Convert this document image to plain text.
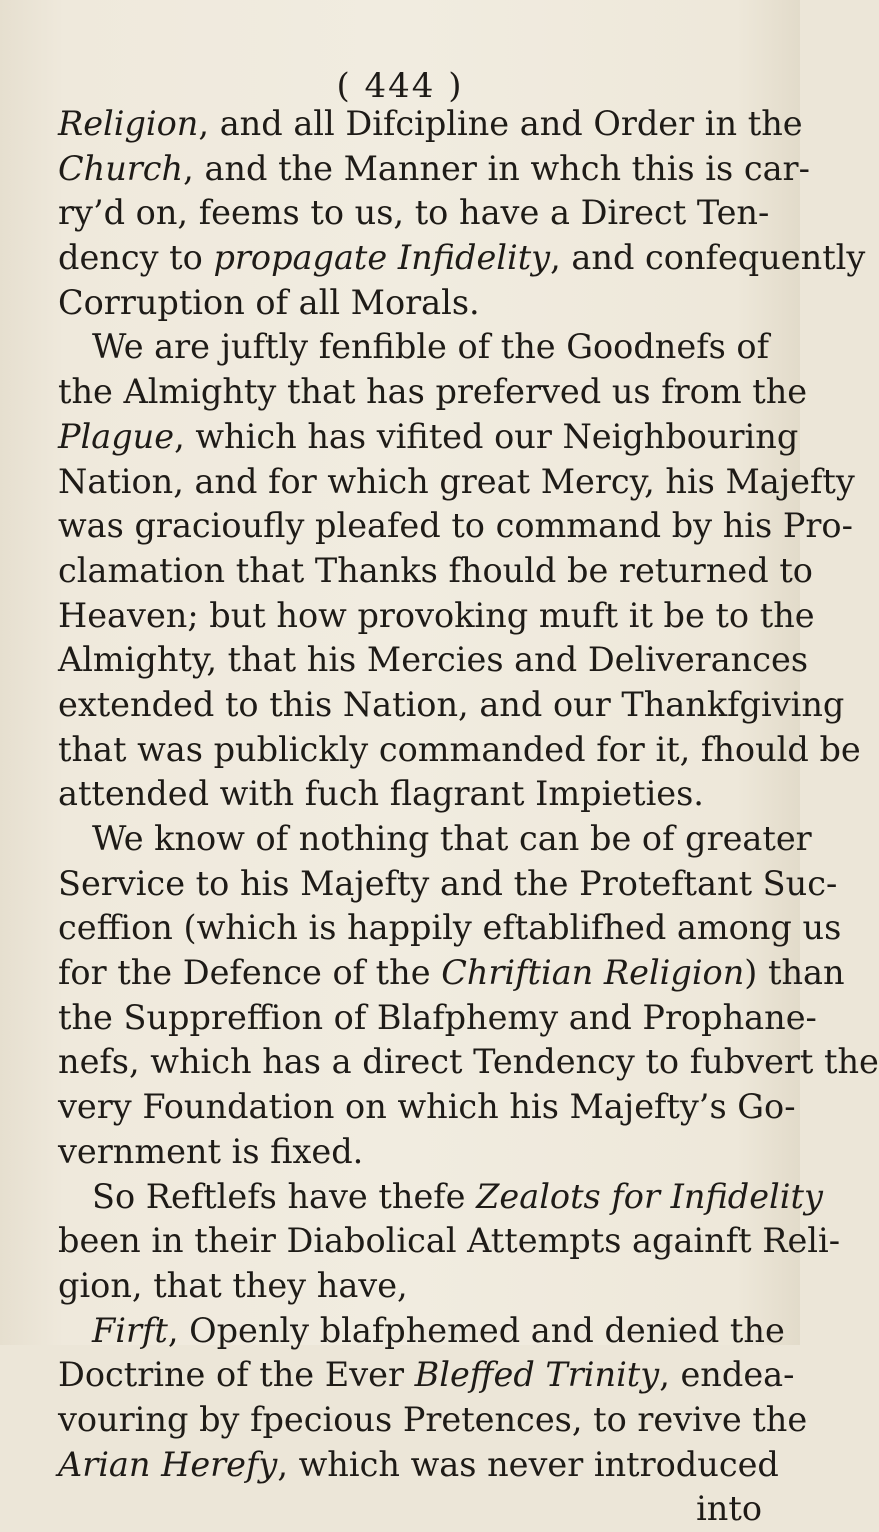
( 444 )
Religion, and all Difcipline and Order in the
Church, and the Manner in whch this is car-
ry’d on, feems to us, to have a Direct Ten-
dency to propagate Infidelity, and confequently
Corruption of all Morals.
We are juftly fenfible of the Goodnefs of
the Almighty that has preferved us from the
Plague, which has vifited our Neighbouring
Nation, and for which great Mercy, his Majefty
was gracioufly pleafed to command by his Pro-
clamation that Thanks fhould be returned to
Heaven; but how provoking muft it be to the
Almighty, that his Mercies and Deliverances
extended to this Nation, and our Thankfgiving
that was publickly commanded for it, fhould be
attended with fuch flagrant Impieties.
We know of nothing that can be of greater
Service to his Majefty and the Proteftant Suc-
ceffion (which is happily eftablifhed among us
for the Defence of the Chriftian Religion) than
the Suppreffion of Blafphemy and Prophane-
nefs, which has a direct Tendency to fubvert the
very Foundation on which his Majefty’s Go-
vernment is fixed.
So Reftlefs have thefe Zealots for Infidelity
been in their Diabolical Attempts againft Reli-
gion, that they have,
Firft, Openly blafphemed and denied the
Doctrine of the Ever Bleffed Trinity, endea-
vouring by fpecious Pretences, to revive the
Arian Herefy, which was never introduced
into
